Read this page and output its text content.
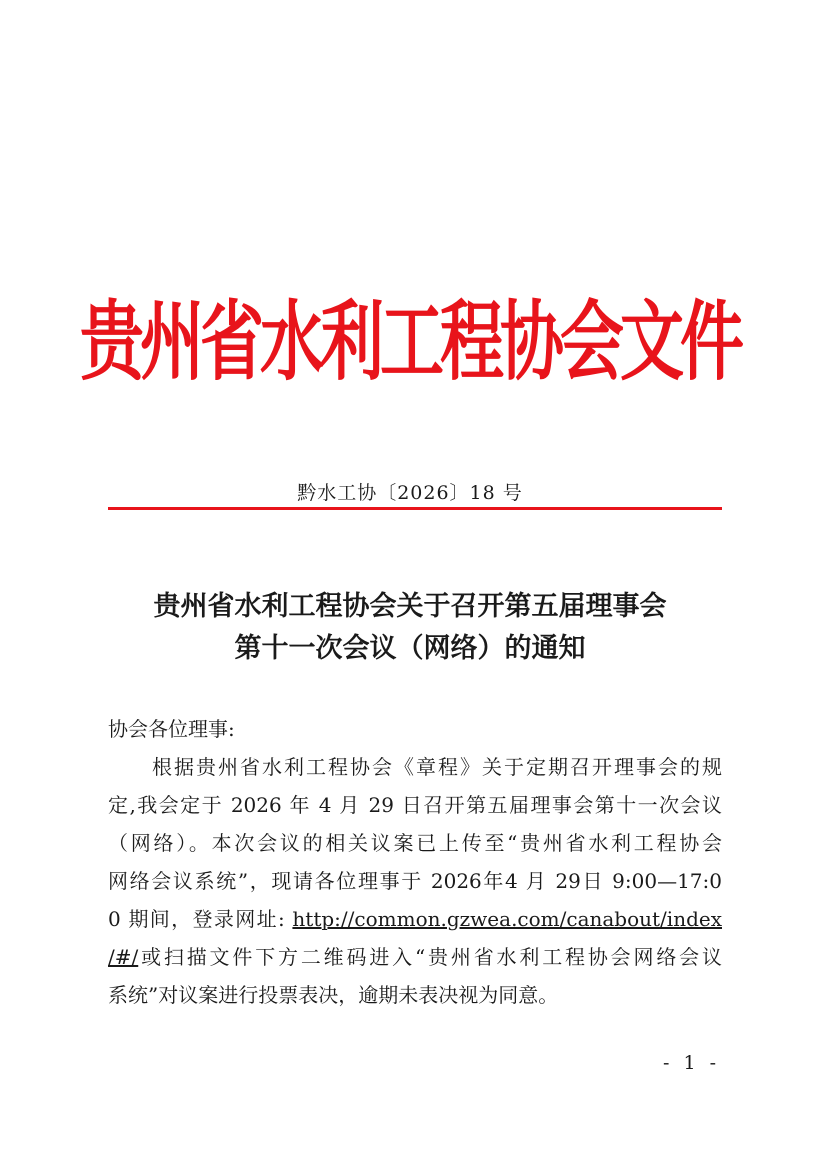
贵州省水利工程协会文件
黔水工协〔2026〕18 号
贵州省水利工程协会关于召开第五届理事会
第十一次会议（网络）的通知
协会各位理事:
　　根据贵州省水利工程协会《章程》关于定期召开理事会的规
定,我会定于 2026 年 4 月 29 日召开第五届理事会第十一次会议
（网络）。本次会议的相关议案已上传至“贵州省水利工程协会
网络会议系统”，现请各位理事于 2026年4 月 29日 9:00—17:0
0 期间，登录网址: http://common.gzwea.com/canabout/index
/#/或扫描文件下方二维码进入“贵州省水利工程协会网络会议
系统”对议案进行投票表决，逾期未表决视为同意。
- 1 -
